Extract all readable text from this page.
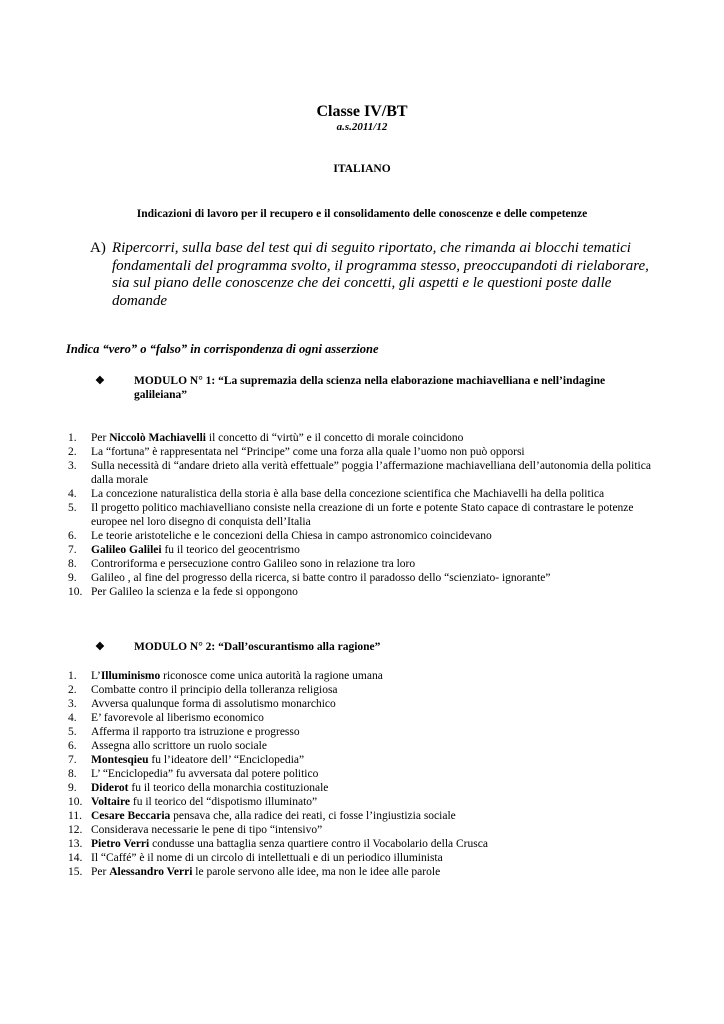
Classe IV/BT
a.s.2011/12
ITALIANO
Indicazioni di lavoro per il recupero e il consolidamento delle conoscenze e delle competenze
A) Ripercorri, sulla base del test qui di seguito riportato, che rimanda ai blocchi tematici fondamentali del programma svolto, il programma stesso, preoccupandoti di rielaborare, sia sul piano delle conoscenze che dei concetti, gli aspetti e le questioni poste dalle domande
Indica “vero” o “falso” in corrispondenza di ogni asserzione
❖	MODULO N° 1: “La supremazia della scienza nella elaborazione machiavelliana e nell’indagine galileiana”
1. Per Niccolò Machiavelli il concetto di “virtù” e il concetto di morale coincidono
2. La “fortuna” è rappresentata nel “Principe” come una forza alla quale l’uomo non può opporsi
3. Sulla necessità di “andare drieto alla verità effettuale” poggia l’affermazione machiavelliana dell’autonomia della politica dalla morale
4. La concezione naturalistica della storia è alla base della concezione scientifica che Machiavelli ha della politica
5. Il progetto politico machiavelliano consiste nella creazione di un forte e potente Stato capace di contrastare le potenze europee nel loro disegno di conquista dell’Italia
6. Le teorie aristoteliche e le concezioni della Chiesa in campo astronomico coincidevano
7. Galileo Galilei fu il teorico del geocentrismo
8. Controriforma e persecuzione contro Galileo sono in relazione tra loro
9. Galileo , al fine del progresso della ricerca, si batte contro il paradosso dello “scienziato- ignorante”
10. Per Galileo la scienza e la fede si oppongono
❖	MODULO N° 2: “Dall’oscurantismo alla ragione”
1. L’Illuminismo riconosce come unica autorità la ragione umana
2. Combatte contro il principio della tolleranza religiosa
3. Avversa qualunque forma di assolutismo monarchico
4. E’ favorevole al liberismo economico
5. Afferma il rapporto tra istruzione e progresso
6. Assegna allo scrittore un ruolo sociale
7. Montesqieu fu l’ideatore dell’ “Enciclopedia”
8. L’ “Enciclopedia” fu avversata dal potere politico
9. Diderot fu il teorico della monarchia costituzionale
10. Voltaire fu il teorico del “dispotismo illuminato”
11. Cesare Beccaria pensava che, alla radice dei reati, ci fosse l’ingiustizia sociale
12. Considerava necessarie le pene di tipo “intensivo”
13. Pietro Verri condusse una battaglia senza quartiere contro il Vocabolario della Crusca
14. Il “Caffé” è il nome di un circolo di intellettuali e di un periodico illuminista
15. Per Alessandro Verri le parole servono alle idee, ma non le idee alle parole
